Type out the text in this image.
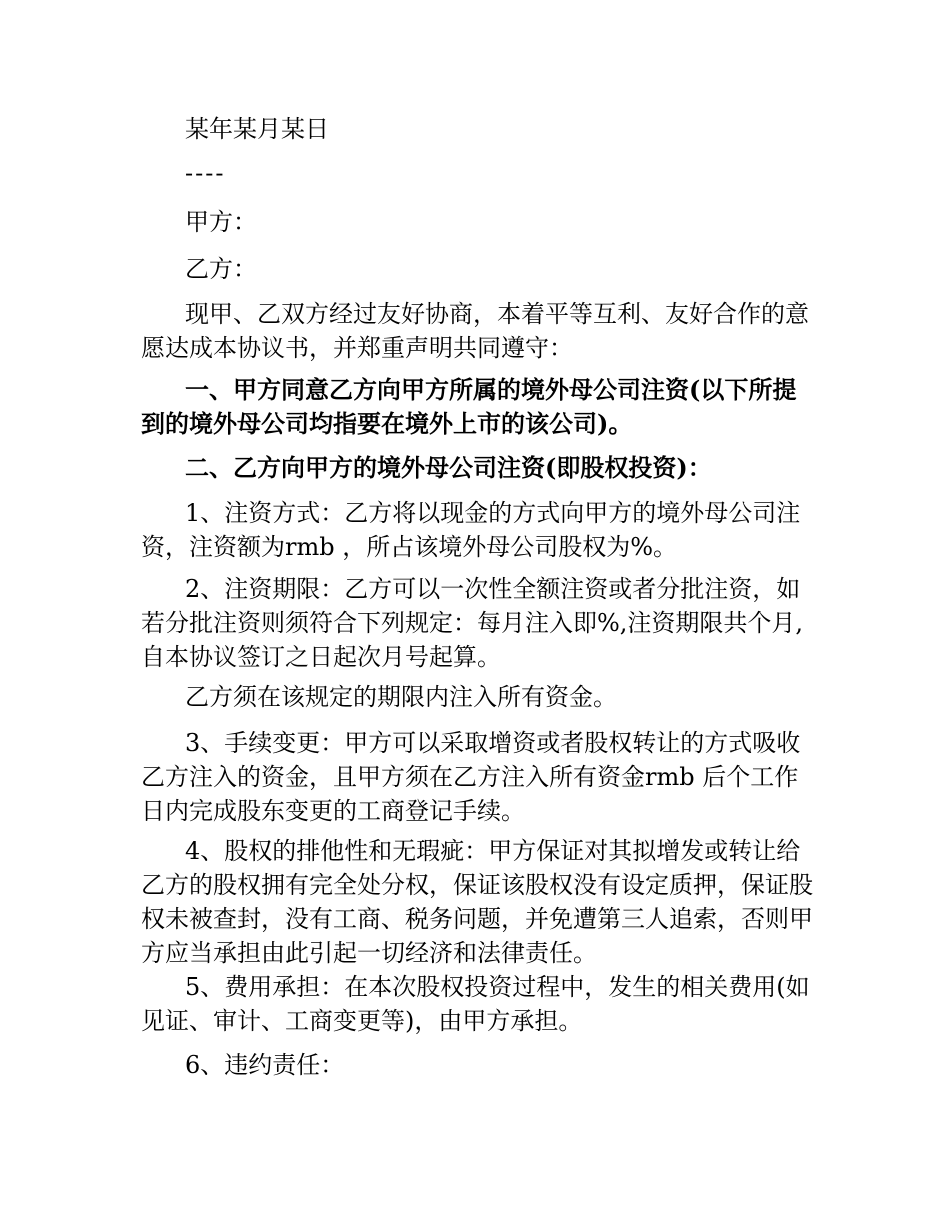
某年某月某日

----

甲方：

乙方：

现甲、乙双方经过友好协商，本着平等互利、友好合作的意愿达成本协议书，并郑重声明共同遵守：

一、甲方同意乙方向甲方所属的境外母公司注资(以下所提到的境外母公司均指要在境外上市的该公司)。

二、乙方向甲方的境外母公司注资(即股权投资)：

1、注资方式：乙方将以现金的方式向甲方的境外母公司注资，注资额为rmb ，所占该境外母公司股权为%。

2、注资期限：乙方可以一次性全额注资或者分批注资，如若分批注资则须符合下列规定：每月注入即%,注资期限共个月,自本协议签订之日起次月号起算。

乙方须在该规定的期限内注入所有资金。

3、手续变更：甲方可以采取增资或者股权转让的方式吸收乙方注入的资金，且甲方须在乙方注入所有资金rmb 后个工作日内完成股东变更的工商登记手续。

4、股权的排他性和无瑕疵：甲方保证对其拟增发或转让给乙方的股权拥有完全处分权，保证该股权没有设定质押，保证股权未被查封，没有工商、税务问题，并免遭第三人追索，否则甲方应当承担由此引起一切经济和法律责任。

5、费用承担：在本次股权投资过程中，发生的相关费用(如见证、审计、工商变更等)，由甲方承担。

6、违约责任：
